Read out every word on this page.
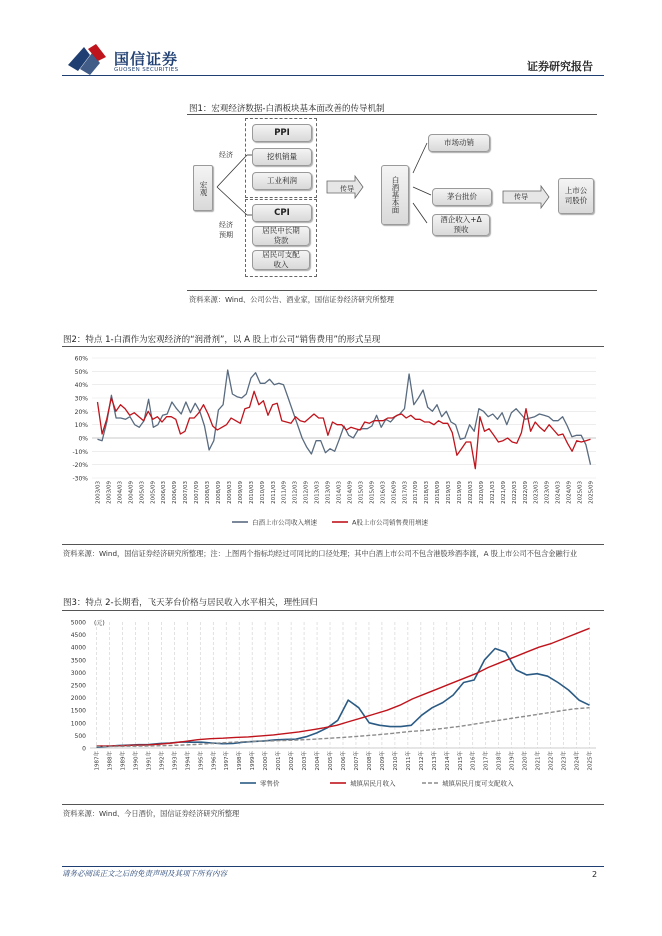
国信证券
GUOSEN SECURITIES	证券研究报告
图1：宏观经济数据-白酒板块基本面改善的传导机制
宏观
经济
经济预期
PPI
挖机销量
工业利润
CPI
居民中长期贷款
居民可支配收入
传导	白酒基本面
市场动销
茅台批价
酒企收入+Δ预收
传导
上市公司股价
资料来源：Wind、公司公告、酒业家，国信证券经济研究所整理
图2：特点 1-白酒作为宏观经济的“润滑剂”，以 A 股上市公司“销售费用”的形式呈现
60%
50%
40%
30%
20%
10%
0%
-10%
-20%
-30%
2003/03 2003/09 2004/03 2004/09 2005/03 2005/09 2006/03 2006/09 2007/03 2007/09 2008/03 2008/09 2009/03 2009/09 2010/03 2010/09 2011/03 2011/09 2012/03 2012/09 2013/03 2013/09 2014/03 2014/09 2015/03 2015/09 2016/03 2016/09 2017/03 2017/09 2018/03 2018/09 2019/03 2019/09 2020/03 2020/09 2021/03 2021/09 2022/03 2022/09 2023/03 2023/09 2024/03 2024/09 2025/03 2025/09
白酒上市公司收入增速	A股上市公司销售费用增速
资料来源：Wind，国信证券经济研究所整理；注：上图两个指标均经过可同比的口径处理；其中白酒上市公司不包含港股珍酒李渡，A 股上市公司不包含金融行业
图3：特点 2-长期看，飞天茅台价格与居民收入水平相关，理性回归
5000
4500
4000
3500
3000
2500
2000
1500
1000
500
0
1987年	1988年	1989年	1990年	1991年	1992年	1993年	1994年	1995年	1996年	1997年	1998年	1999年	2000年	2001年	2002年	2003年	2004年	2005年	2006年	2007年	2008年	2009年	2010年	2011年	2012年	2013年	2014年	2015年	2016年	2017年	2018年	2019年	2020年	2021年	2022年	2023年	2024年	2025年
零售价	城镇居民月收入	城镇居民月度可支配收入
(元)
资料来源：Wind、今日酒价，国信证券经济研究所整理
请务必阅读正文之后的免责声明及其项下所有内容	2
